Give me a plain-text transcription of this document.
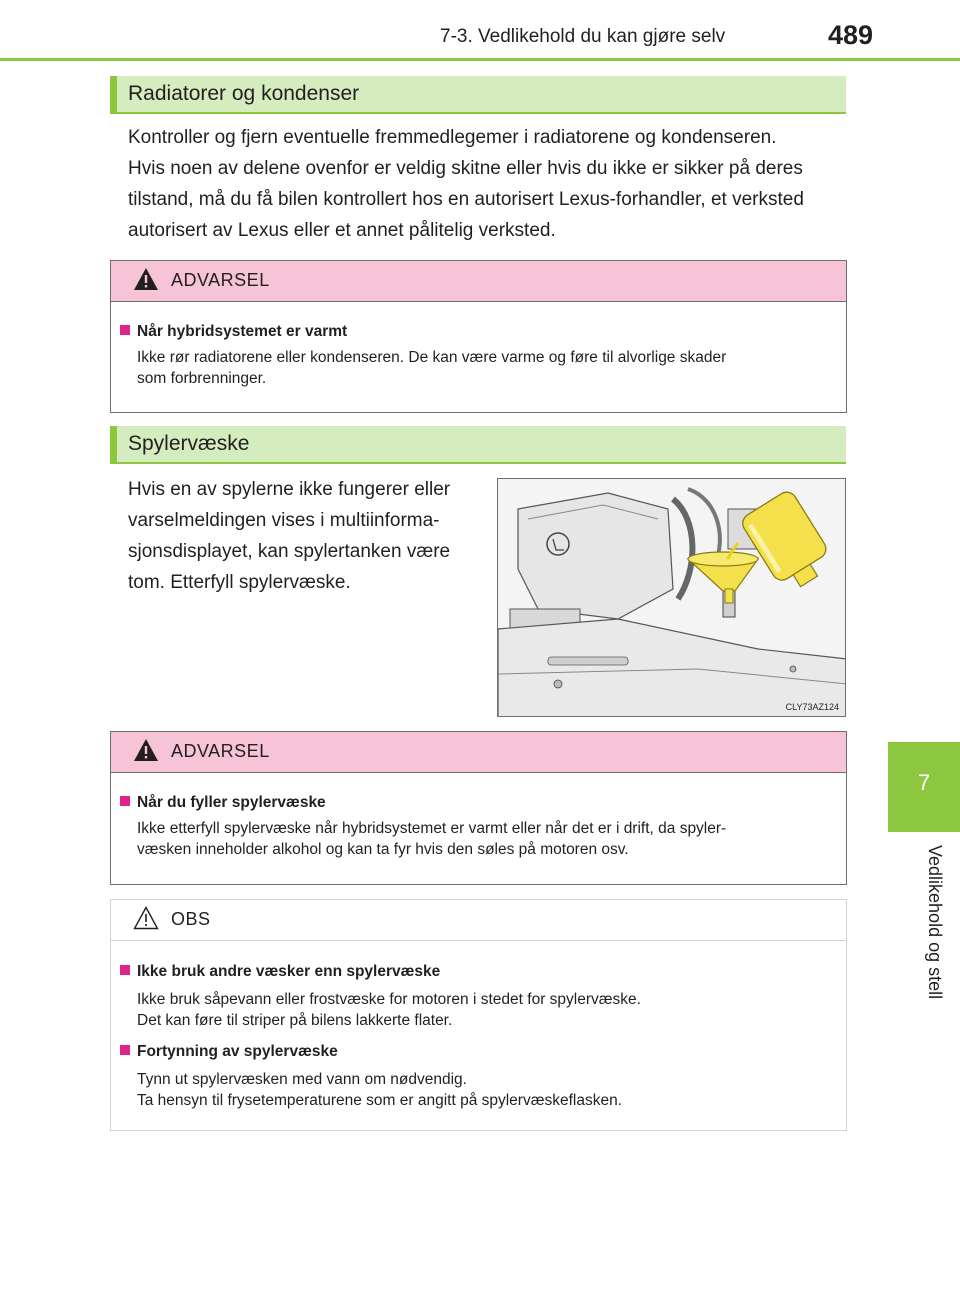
7-3. Vedlikehold du kan gjøre selv	489
7
Vedlikehold og stell
Radiatorer og kondenser
Kontroller og fjern eventuelle fremmedlegemer i radiatorene og kondenseren.
Hvis noen av delene ovenfor er veldig skitne eller hvis du ikke er sikker på deres
tilstand, må du få bilen kontrollert hos en autorisert Lexus-forhandler, et verksted
autorisert av Lexus eller et annet pålitelig verksted.
ADVARSEL
Når hybridsystemet er varmt
Ikke rør radiatorene eller kondenseren. De kan være varme og føre til alvorlige skader
som forbrenninger.
Spylervæske
Hvis en av spylerne ikke fungerer eller
varselmeldingen vises i multiinforma-
sjonsdisplayet, kan spylertanken være
tom. Etterfyll spylervæske.
CLY73AZ124
ADVARSEL
Når du fyller spylervæske
Ikke etterfyll spylervæske når hybridsystemet er varmt eller når det er i drift, da spyler-
væsken inneholder alkohol og kan ta fyr hvis den søles på motoren osv.
OBS
Ikke bruk andre væsker enn spylervæske
Ikke bruk såpevann eller frostvæske for motoren i stedet for spylervæske.
Det kan føre til striper på bilens lakkerte flater.
Fortynning av spylervæske
Tynn ut spylervæsken med vann om nødvendig.
Ta hensyn til frysetemperaturene som er angitt på spylervæskeflasken.
